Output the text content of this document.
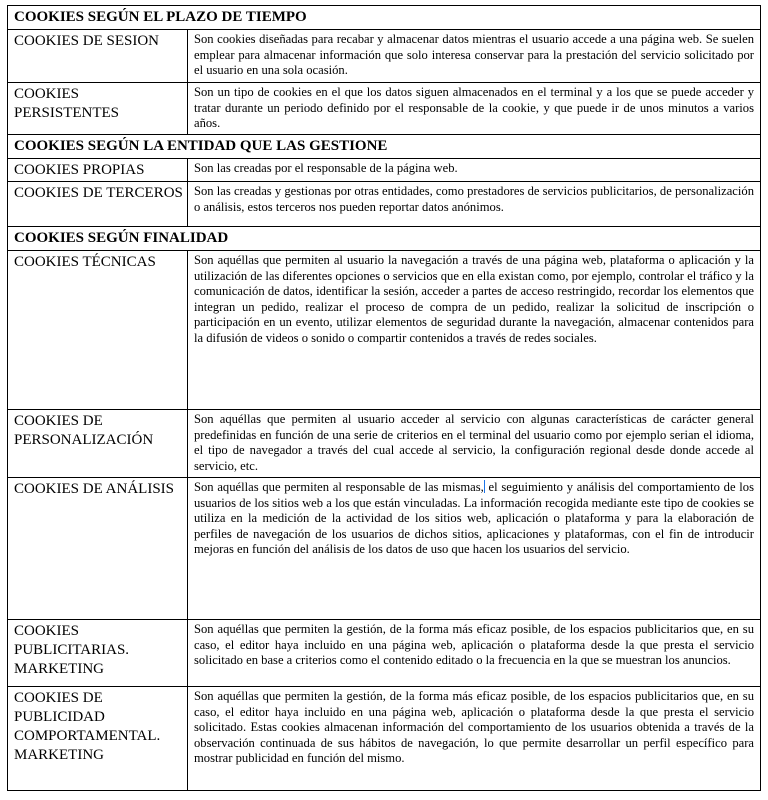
COOKIES SEGÚN EL PLAZO DE TIEMPO	
COOKIES DE SESION	Son cookies diseñadas para recabar y almacenar datos mientras el usuario accede a una página web. Se suelen emplear para almacenar información que solo interesa conservar para la prestación del servicio solicitado por el usuario en una sola ocasión.
COOKIES PERSISTENTES	Son un tipo de cookies en el que los datos siguen almacenados en el terminal y a los que se puede acceder y tratar durante un periodo definido por el responsable de la cookie, y que puede ir de unos minutos a varios años.
COOKIES SEGÚN LA ENTIDAD QUE LAS GESTIONE	
COOKIES PROPIAS	Son las creadas por el responsable de la página web.
COOKIES DE TERCEROS	Son las creadas y gestionas por otras entidades, como prestadores de servicios publicitarios, de personalización o análisis, estos terceros nos pueden reportar datos anónimos.
COOKIES SEGÚN FINALIDAD	
COOKIES TÉCNICAS	Son aquéllas que permiten al usuario la navegación a través de una página web, plataforma o aplicación y la utilización de las diferentes opciones o servicios que en ella existan como, por ejemplo, controlar el tráfico y la comunicación de datos, identificar la sesión, acceder a partes de acceso restringido, recordar los elementos que integran un pedido, realizar el proceso de compra de un pedido, realizar la solicitud de inscripción o participación en un evento, utilizar elementos de seguridad durante la navegación, almacenar contenidos para la difusión de videos o sonido o compartir contenidos a través de redes sociales.
COOKIES DE PERSONALIZACIÓN	Son aquéllas que permiten al usuario acceder al servicio con algunas características de carácter general predefinidas en función de una serie de criterios en el terminal del usuario como por ejemplo serian el idioma, el tipo de navegador a través del cual accede al servicio, la configuración regional desde donde accede al servicio, etc.
COOKIES DE ANÁLISIS	Son aquéllas que permiten al responsable de las mismas, el seguimiento y análisis del comportamiento de los usuarios de los sitios web a los que están vinculadas. La información recogida mediante este tipo de cookies se utiliza en la medición de la actividad de los sitios web, aplicación o plataforma y para la elaboración de perfiles de navegación de los usuarios de dichos sitios, aplicaciones y plataformas, con el fin de introducir mejoras en función del análisis de los datos de uso que hacen los usuarios del servicio.
COOKIES PUBLICITARIAS. MARKETING	Son aquéllas que permiten la gestión, de la forma más eficaz posible, de los espacios publicitarios que, en su caso, el editor haya incluido en una página web, aplicación o plataforma desde la que presta el servicio solicitado en base a criterios como el contenido editado o la frecuencia en la que se muestran los anuncios.
COOKIES DE PUBLICIDAD COMPORTAMENTAL. MARKETING	Son aquéllas que permiten la gestión, de la forma más eficaz posible, de los espacios publicitarios que, en su caso, el editor haya incluido en una página web, aplicación o plataforma desde la que presta el servicio solicitado. Estas cookies almacenan información del comportamiento de los usuarios obtenida a través de la observación continuada de sus hábitos de navegación, lo que permite desarrollar un perfil específico para mostrar publicidad en función del mismo.
